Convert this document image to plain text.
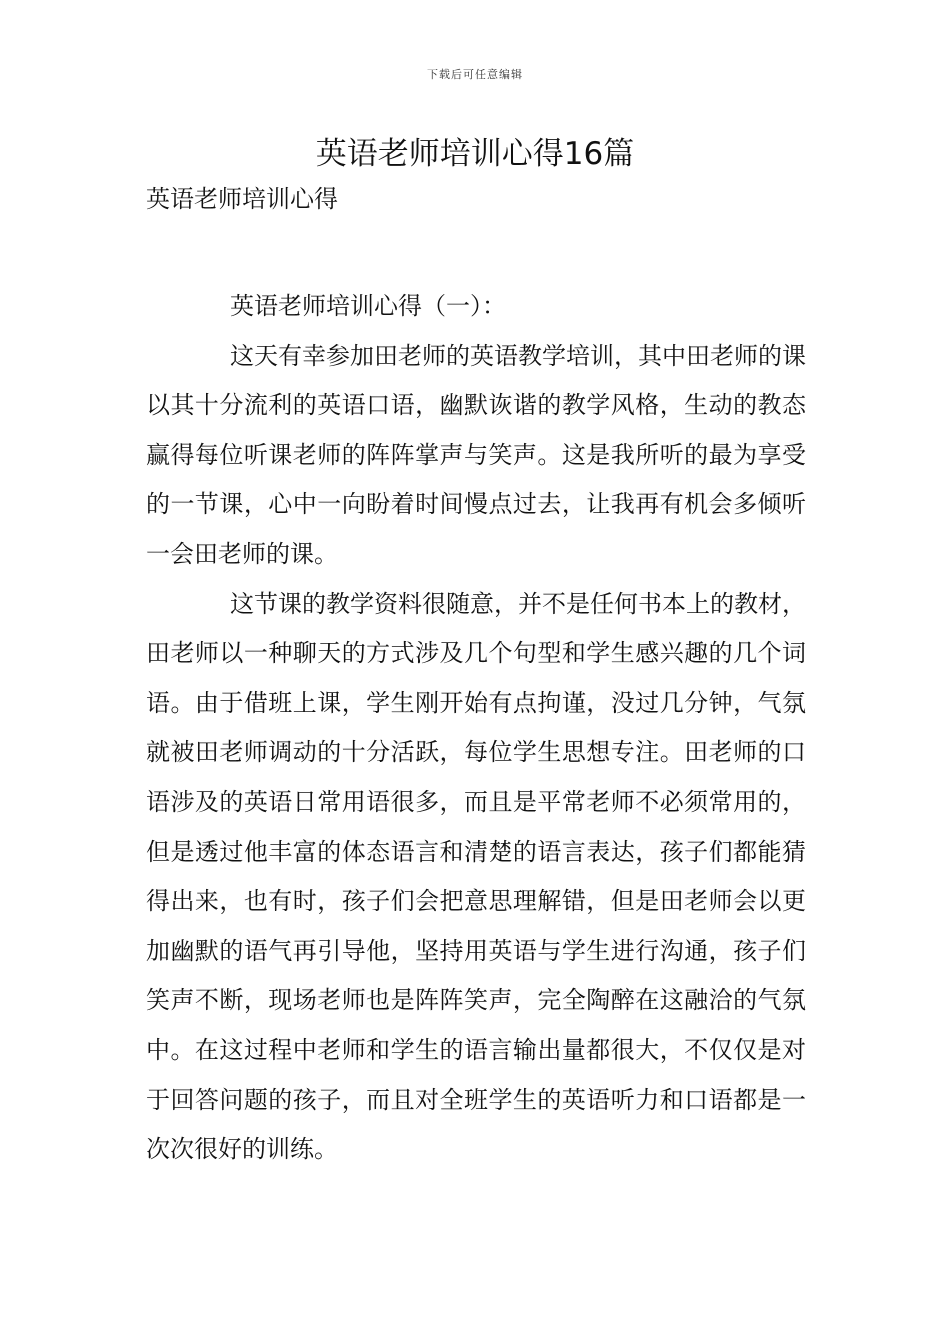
下载后可任意编辑
英语老师培训心得16篇

英语老师培训心得

英语老师培训心得（一）：

这天有幸参加田老师的英语教学培训，其中田老师的课以其十分流利的英语口语，幽默诙谐的教学风格，生动的教态赢得每位听课老师的阵阵掌声与笑声。这是我所听的最为享受的一节课，心中一向盼着时间慢点过去，让我再有机会多倾听一会田老师的课。

这节课的教学资料很随意，并不是任何书本上的教材，田老师以一种聊天的方式涉及几个句型和学生感兴趣的几个词语。由于借班上课，学生刚开始有点拘谨，没过几分钟，气氛就被田老师调动的十分活跃，每位学生思想专注。田老师的口语涉及的英语日常用语很多，而且是平常老师不必须常用的，但是透过他丰富的体态语言和清楚的语言表达，孩子们都能猜得出来，也有时，孩子们会把意思理解错，但是田老师会以更加幽默的语气再引导他，坚持用英语与学生进行沟通，孩子们笑声不断，现场老师也是阵阵笑声，完全陶醉在这融洽的气氛中。在这过程中老师和学生的语言输出量都很大，不仅仅是对于回答问题的孩子，而且对全班学生的英语听力和口语都是一次次很好的训练。
